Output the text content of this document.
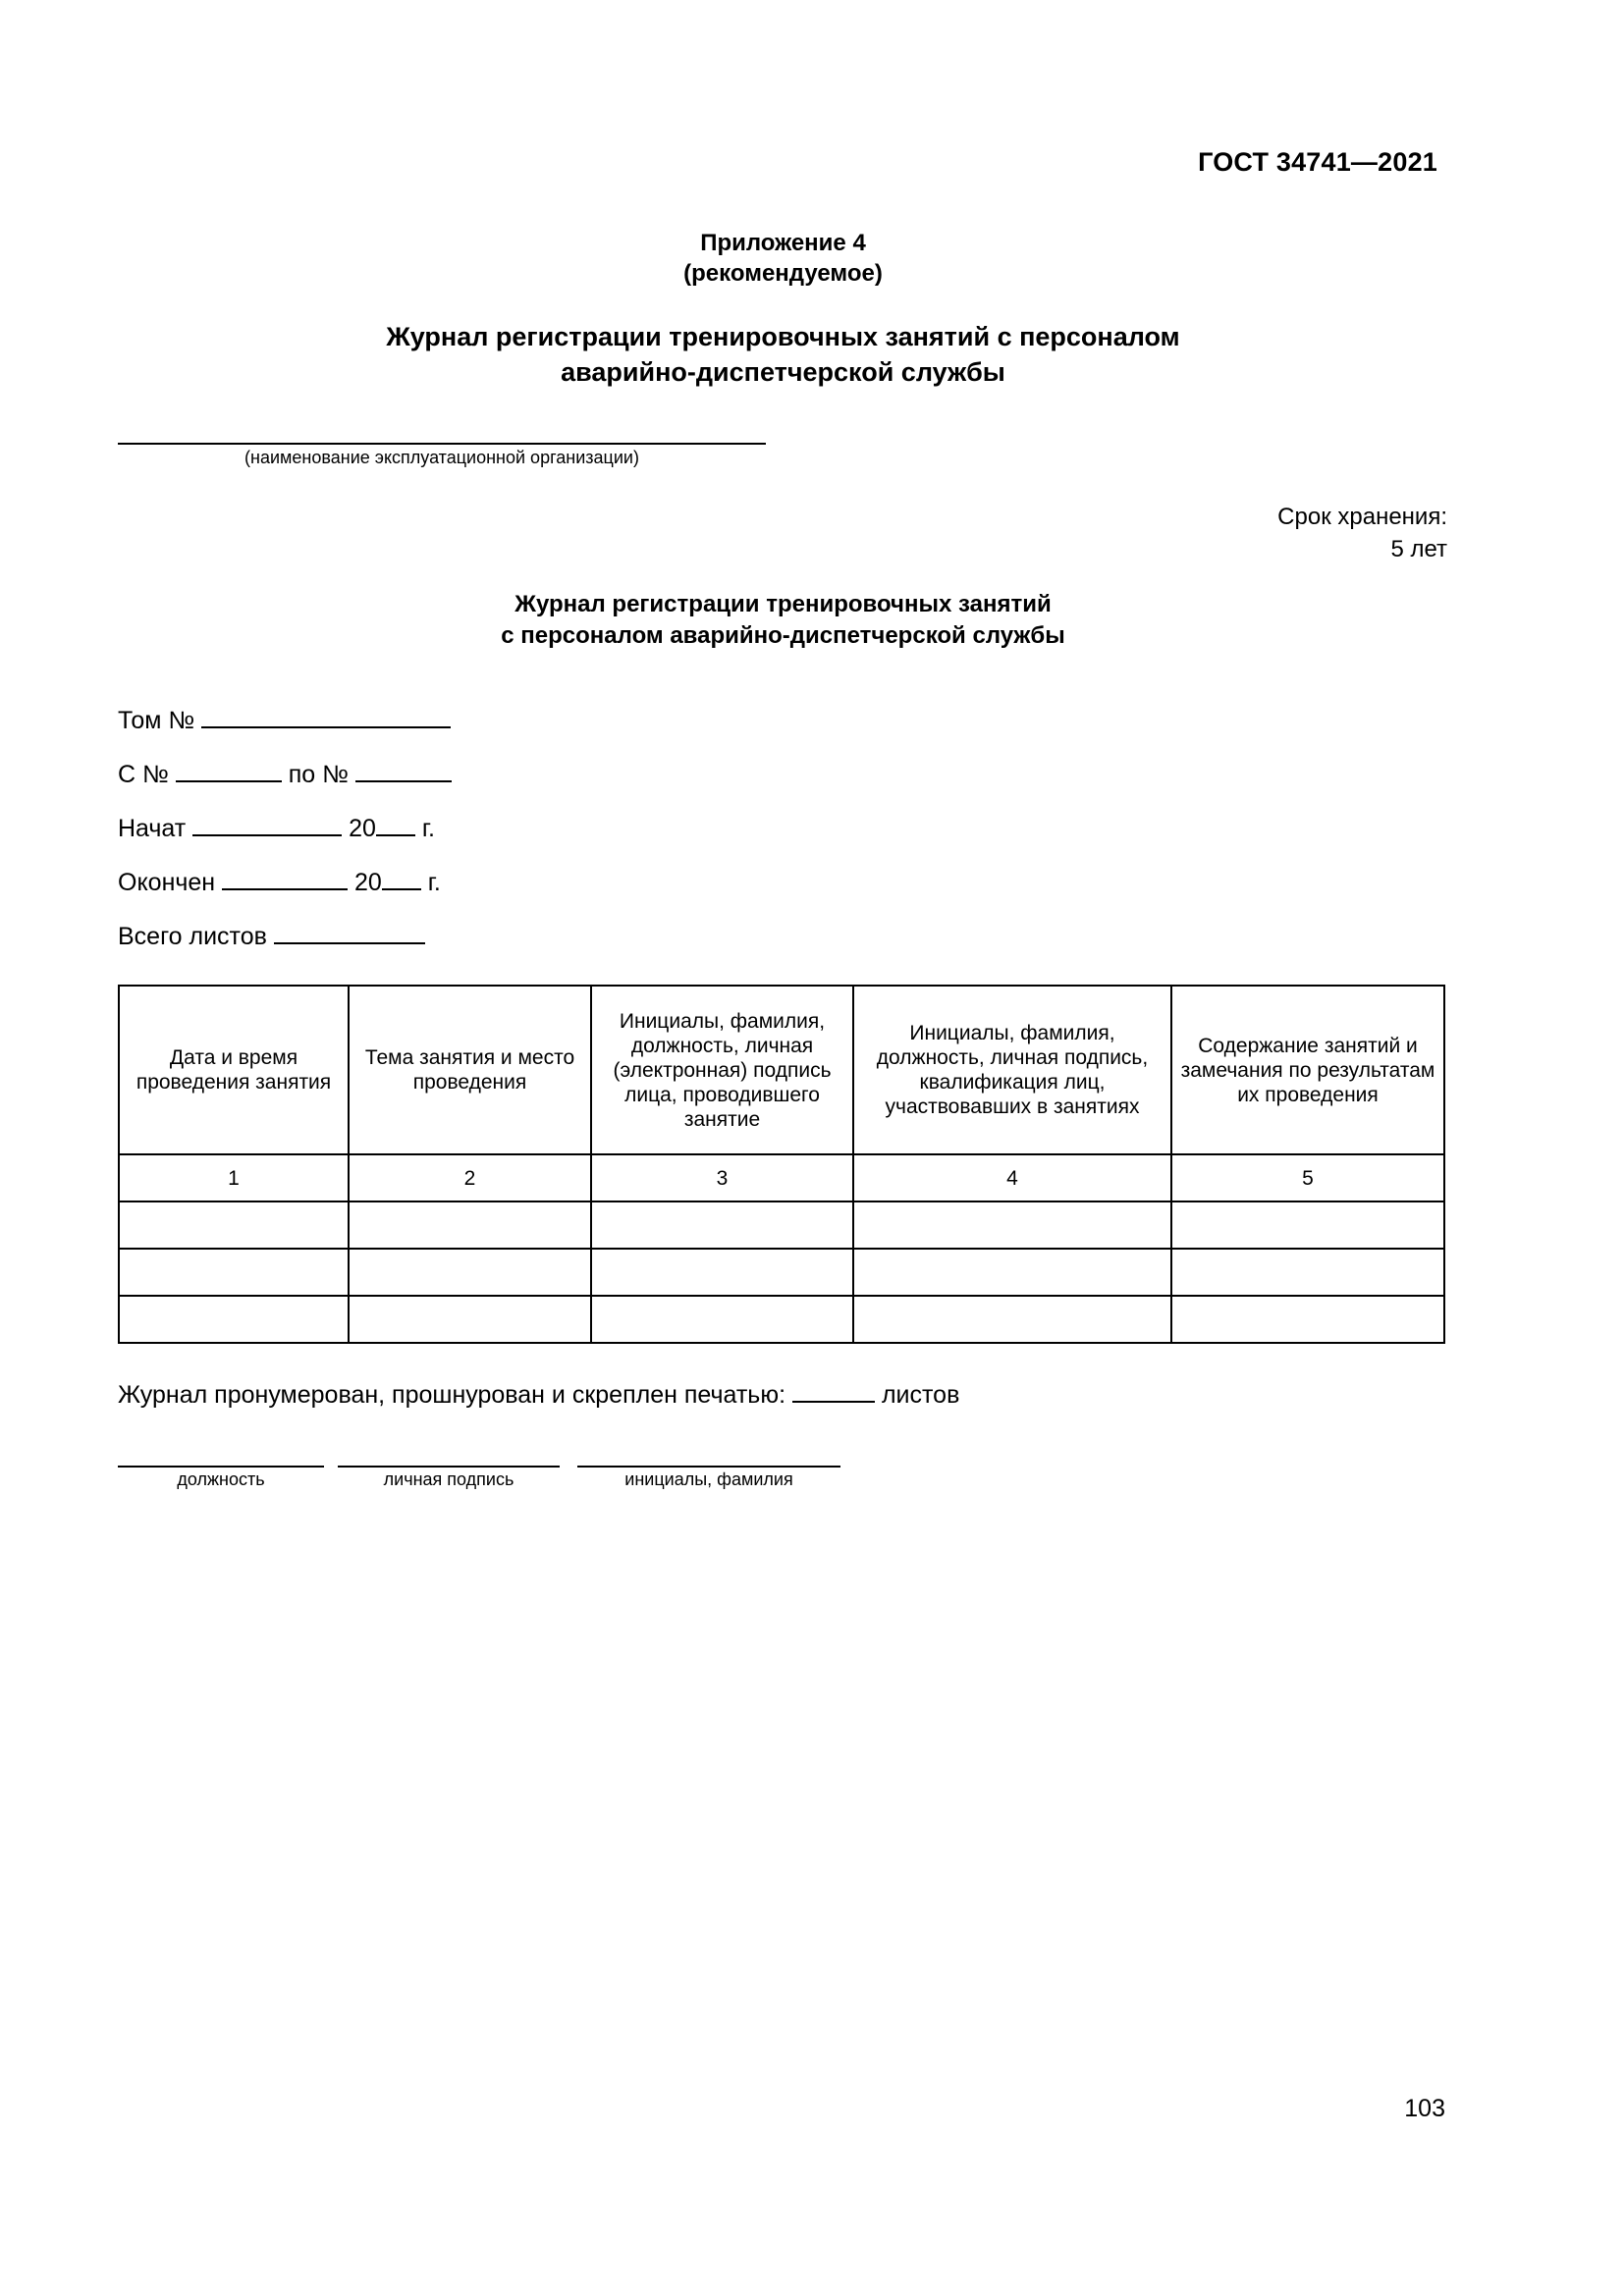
ГОСТ 34741—2021
Приложение 4
(рекомендуемое)
Журнал регистрации тренировочных занятий с персоналом
аварийно-диспетчерской службы
(наименование эксплуатационной организации)
Срок хранения:
5 лет
Журнал регистрации тренировочных занятий
с персоналом аварийно-диспетчерской службы
Том №
С №	по №
Начат	20 г.
Окончен	20 г.
Всего листов
Дата и время проведения занятия	Тема занятия и место проведения	Инициалы, фамилия, должность, личная (электронная) подпись лица, проводившего занятие	Инициалы, фамилия, должность, личная подпись, квалификация лиц, участвовавших в занятиях	Содержание занятий и замечания по результатам их проведения
1	2	3	4	5

Журнал пронумерован, прошнурован и скреплен печатью:	листов
должность	личная подпись	инициалы, фамилия
103
